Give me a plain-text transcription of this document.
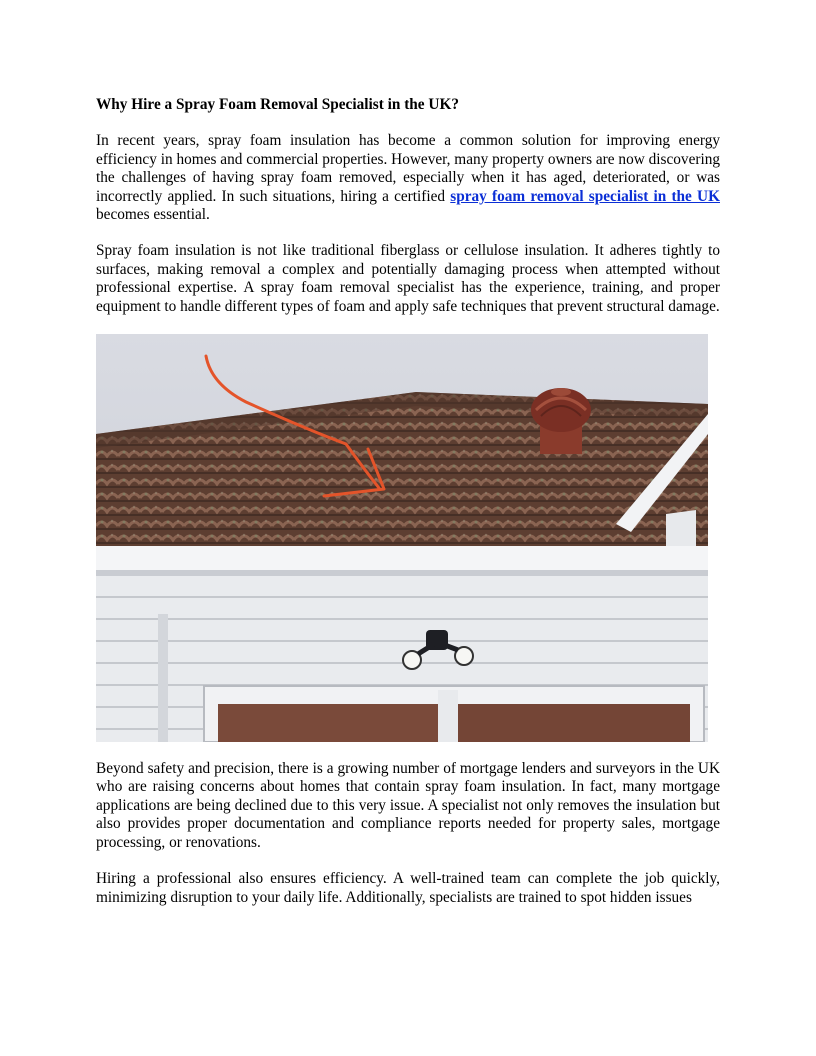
Why Hire a Spray Foam Removal Specialist in the UK?

In recent years, spray foam insulation has become a common solution for improving energy efficiency in homes and commercial properties. However, many property owners are now discovering the challenges of having spray foam removed, especially when it has aged, deteriorated, or was incorrectly applied. In such situations, hiring a certified spray foam removal specialist in the UK becomes essential.

Spray foam insulation is not like traditional fiberglass or cellulose insulation. It adheres tightly to surfaces, making removal a complex and potentially damaging process when attempted without professional expertise. A spray foam removal specialist has the experience, training, and proper equipment to handle different types of foam and apply safe techniques that prevent structural damage.

Beyond safety and precision, there is a growing number of mortgage lenders and surveyors in the UK who are raising concerns about homes that contain spray foam insulation. In fact, many mortgage applications are being declined due to this very issue. A specialist not only removes the insulation but also provides proper documentation and compliance reports needed for property sales, mortgage processing, or renovations.

Hiring a professional also ensures efficiency. A well-trained team can complete the job quickly, minimizing disruption to your daily life. Additionally, specialists are trained to spot hidden issues
